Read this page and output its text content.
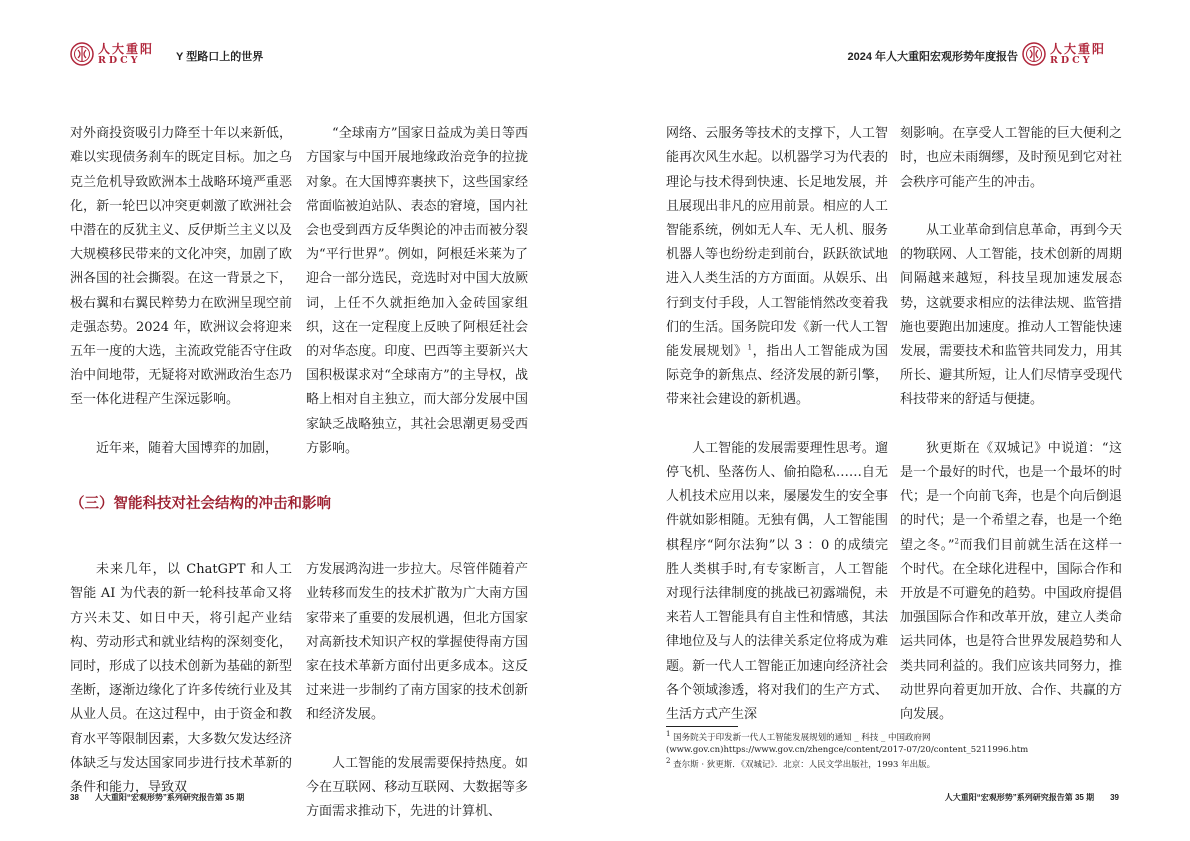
人大重阳
RDCY	Y 型路口上的世界

对外商投资吸引力降至十年以来新低，难以实现债务刹车的既定目标。加之乌克兰危机导致欧洲本土战略环境严重恶化，新一轮巴以冲突更刺激了欧洲社会中潜在的反犹主义、反伊斯兰主义以及大规模移民带来的文化冲突，加剧了欧洲各国的社会撕裂。在这一背景之下，极右翼和右翼民粹势力在欧洲呈现空前走强态势。2024 年，欧洲议会将迎来五年一度的大选，主流政党能否守住政治中间地带，无疑将对欧洲政治生态乃至一体化进程产生深远影响。

近年来，随着大国博弈的加剧，

“全球南方”国家日益成为美日等西方国家与中国开展地缘政治竞争的拉拢对象。在大国博弈裹挟下，这些国家经常面临被迫站队、表态的窘境，国内社会也受到西方反华舆论的冲击而被分裂为“平行世界”。例如，阿根廷米莱为了迎合一部分选民，竞选时对中国大放厥词，上任不久就拒绝加入金砖国家组织，这在一定程度上反映了阿根廷社会的对华态度。印度、巴西等主要新兴大国积极谋求对“全球南方”的主导权，战略上相对自主独立，而大部分发展中国家缺乏战略独立，其社会思潮更易受西方影响。

（三）智能科技对社会结构的冲击和影响

未来几年，以 ChatGPT 和人工智能 AI 为代表的新一轮科技革命又将方兴未艾、如日中天，将引起产业结构、劳动形式和就业结构的深刻变化，同时，形成了以技术创新为基础的新型垄断，逐渐边缘化了许多传统行业及其从业人员。在这过程中，由于资金和教育水平等限制因素，大多数欠发达经济体缺乏与发达国家同步进行技术革新的条件和能力，导致双

方发展鸿沟进一步拉大。尽管伴随着产业转移而发生的技术扩散为广大南方国家带来了重要的发展机遇，但北方国家对高新技术知识产权的掌握使得南方国家在技术革新方面付出更多成本。这反过来进一步制约了南方国家的技术创新和经济发展。

人工智能的发展需要保持热度。如今在互联网、移动互联网、大数据等多方面需求推动下，先进的计算机、

38 人大重阳“宏观形势”系列研究报告第 35 期
2024 年人大重阳宏观形势年度报告
人大重阳
RDCY

网络、云服务等技术的支撑下，人工智能再次风生水起。以机器学习为代表的理论与技术得到快速、长足地发展，并且展现出非凡的应用前景。相应的人工智能系统，例如无人车、无人机、服务机器人等也纷纷走到前台，跃跃欲试地进入人类生活的方方面面。从娱乐、出行到支付手段，人工智能悄然改变着我们的生活。国务院印发《新一代人工智能发展规划》$^1$，指出人工智能成为国际竞争的新焦点、经济发展的新引擎，带来社会建设的新机遇。

人工智能的发展需要理性思考。遛停飞机、坠落伤人、偷拍隐私……自无人机技术应用以来，屡屡发生的安全事件就如影相随。无独有偶，人工智能围棋程序“阿尔法狗”以 3 ：0 的成绩完胜人类棋手时,有专家断言，人工智能对现行法律制度的挑战已初露端倪，未来若人工智能具有自主性和情感，其法律地位及与人的法律关系定位将成为难题。新一代人工智能正加速向经济社会各个领域渗透，将对我们的生产方式、生活方式产生深

刻影响。在享受人工智能的巨大便利之时，也应未雨绸缪，及时预见到它对社会秩序可能产生的冲击。

从工业革命到信息革命，再到今天的物联网、人工智能，技术创新的周期间隔越来越短，科技呈现加速发展态势，这就要求相应的法律法规、监管措施也要跑出加速度。推动人工智能快速发展，需要技术和监管共同发力，用其所长、避其所短，让人们尽情享受现代科技带来的舒适与便捷。

狄更斯在《双城记》中说道：“这是一个最好的时代，也是一个最坏的时代；是一个向前飞奔，也是个向后倒退的时代；是一个希望之春，也是一个绝望之冬。”$^2$而我们目前就生活在这样一个时代。在全球化进程中，国际合作和开放是不可避免的趋势。中国政府提倡加强国际合作和改革开放，建立人类命运共同体，也是符合世界发展趋势和人类共同利益的。我们应该共同努力，推动世界向着更加开放、合作、共赢的方向发展。

$^1$ 国务院关于印发新一代人工智能发展规划的通知 _ 科技 _ 中国政府网 (www.gov.cn)https://www.gov.cn/zhengce/content/2017-07/20/content_5211996.htm
$^2$ 查尔斯 · 狄更斯．《双城记》．北京：人民文学出版社，1993 年出版。
人大重阳“宏观形势”系列研究报告第 35 期 39
